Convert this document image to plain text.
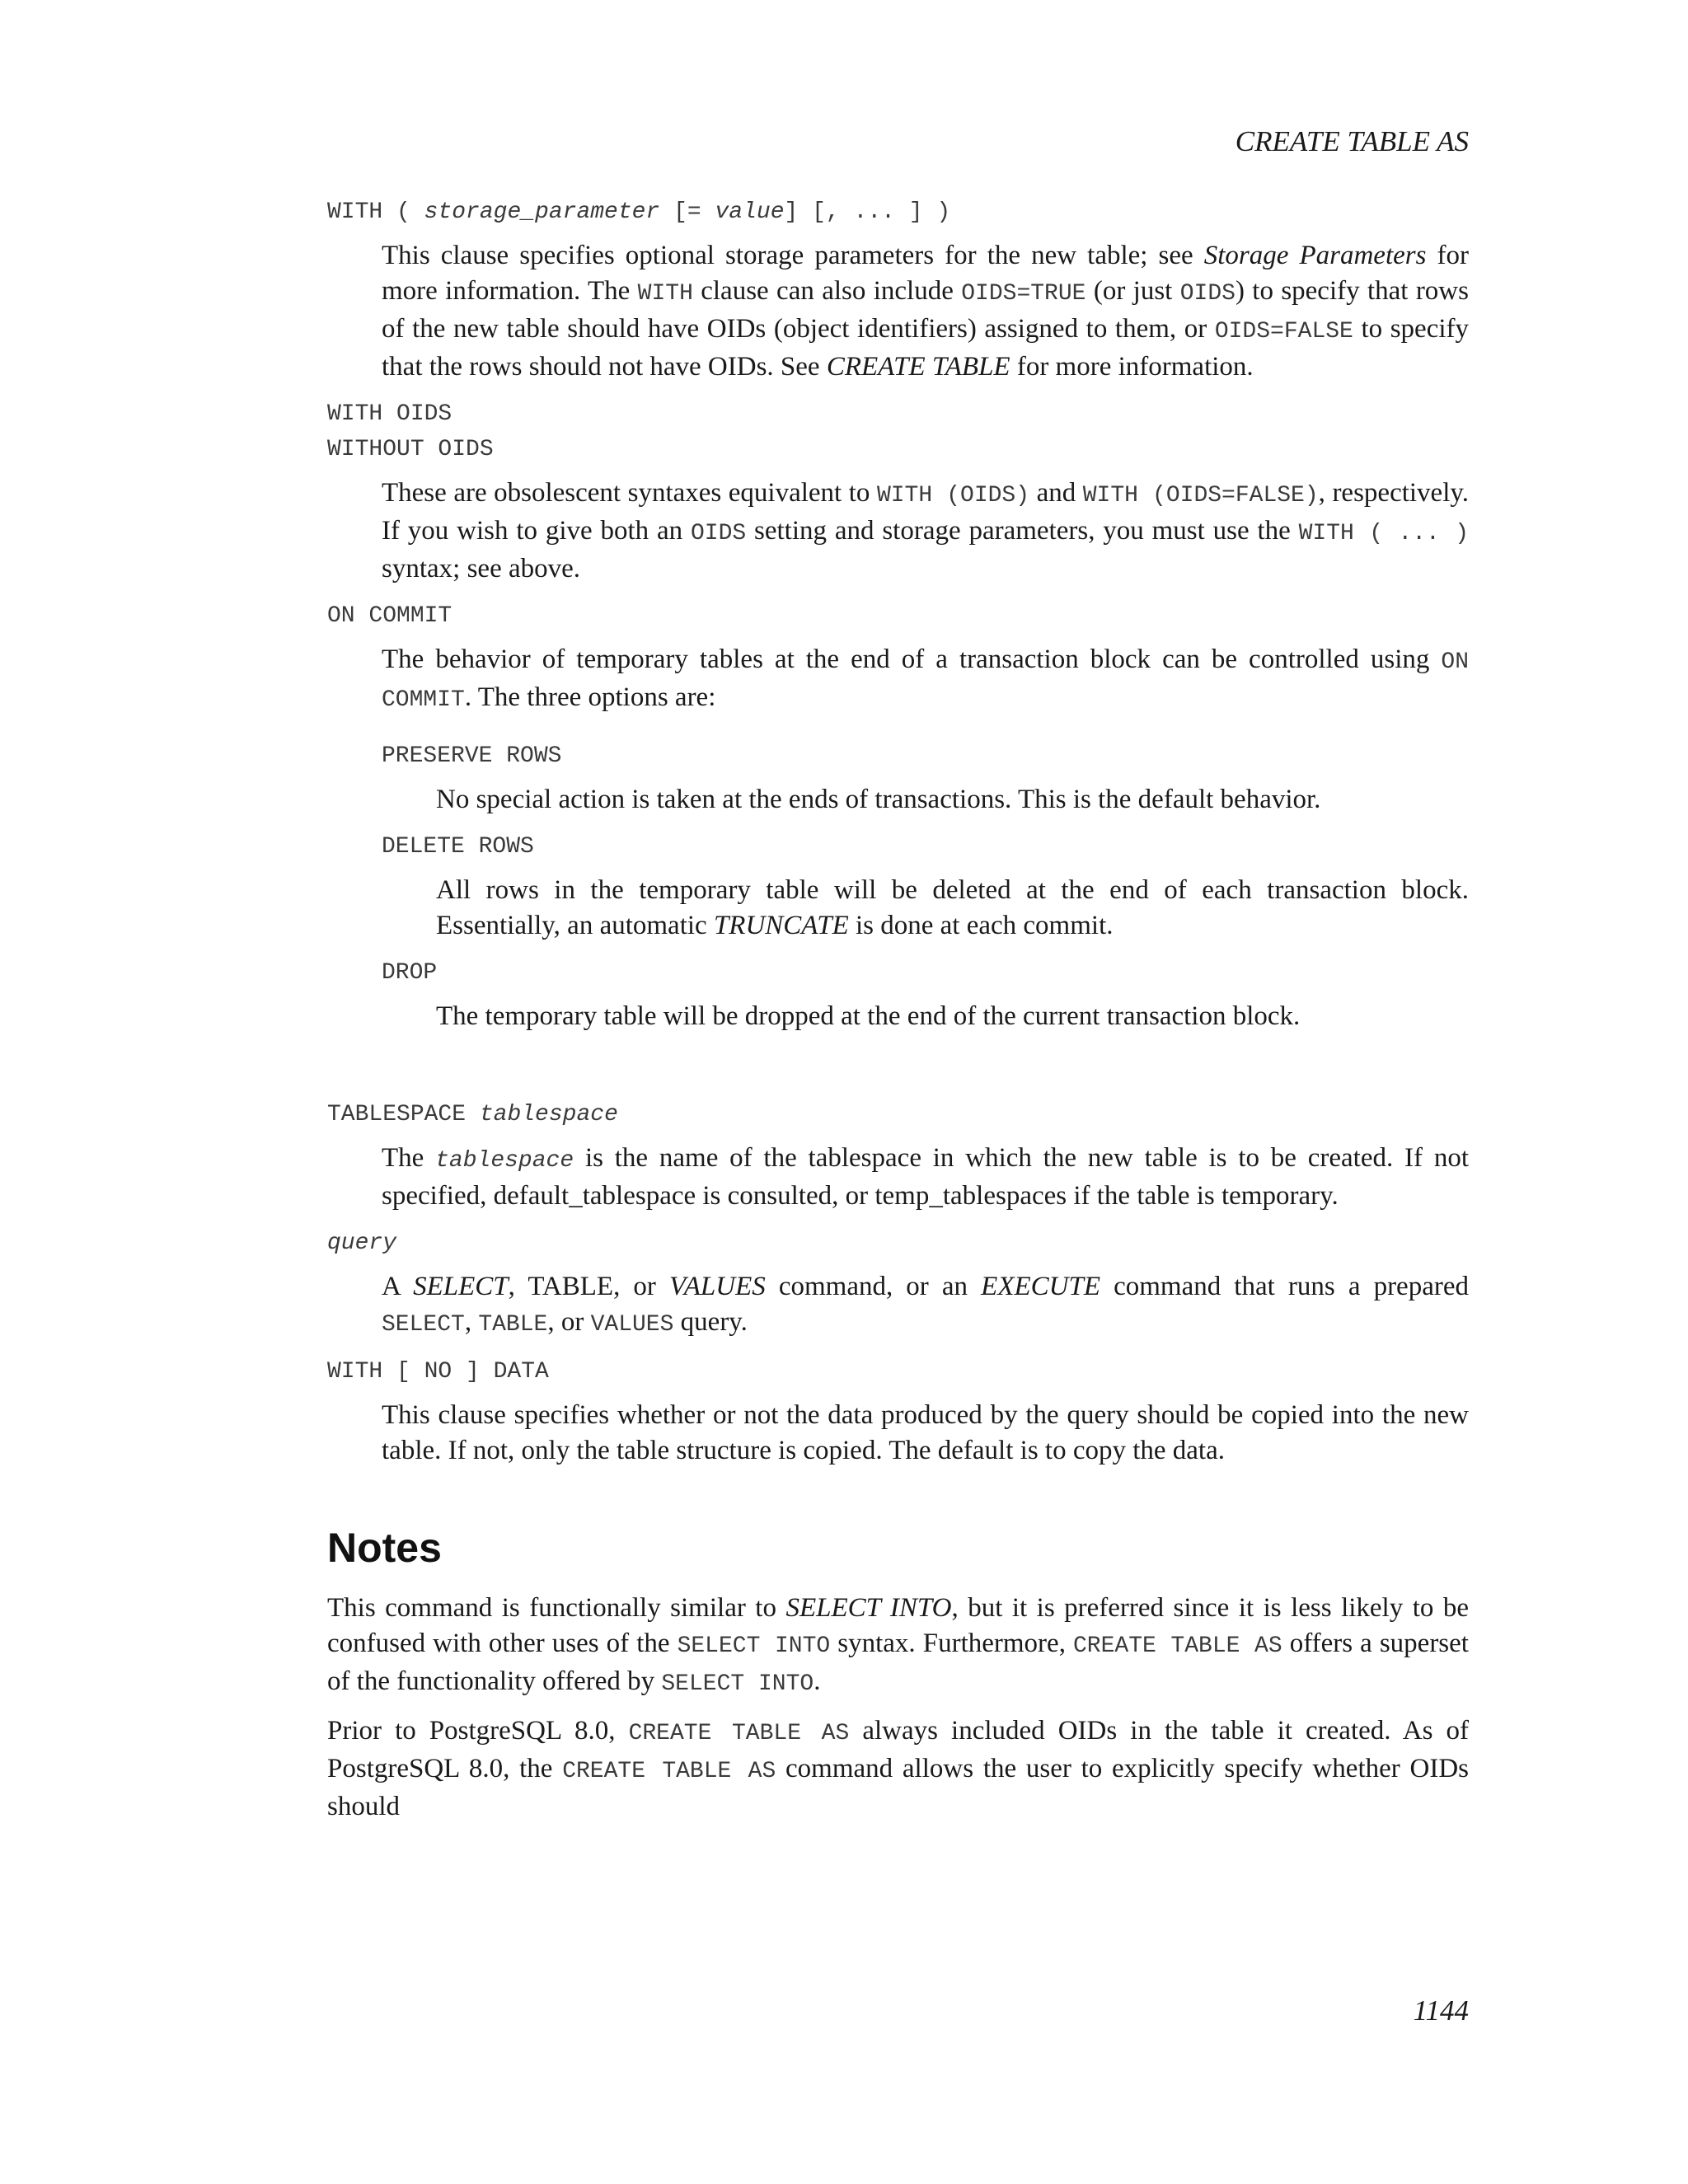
CREATE TABLE AS

WITH ( storage_parameter [= value] [, ... ] )

This clause specifies optional storage parameters for the new table; see Storage Parameters for more information. The WITH clause can also include OIDS=TRUE (or just OIDS) to specify that rows of the new table should have OIDs (object identifiers) assigned to them, or OIDS=FALSE to specify that the rows should not have OIDs. See CREATE TABLE for more information.

WITH OIDS

WITHOUT OIDS

These are obsolescent syntaxes equivalent to WITH (OIDS) and WITH (OIDS=FALSE), respectively. If you wish to give both an OIDS setting and storage parameters, you must use the WITH ( ... ) syntax; see above.

ON COMMIT

The behavior of temporary tables at the end of a transaction block can be controlled using ON COMMIT. The three options are:

PRESERVE ROWS

No special action is taken at the ends of transactions. This is the default behavior.

DELETE ROWS

All rows in the temporary table will be deleted at the end of each transaction block. Essentially, an automatic TRUNCATE is done at each commit.

DROP

The temporary table will be dropped at the end of the current transaction block.

TABLESPACE tablespace

The tablespace is the name of the tablespace in which the new table is to be created. If not specified, default_tablespace is consulted, or temp_tablespaces if the table is temporary.

query

A SELECT, TABLE, or VALUES command, or an EXECUTE command that runs a prepared SELECT, TABLE, or VALUES query.

WITH [ NO ] DATA

This clause specifies whether or not the data produced by the query should be copied into the new table. If not, only the table structure is copied. The default is to copy the data.

Notes

This command is functionally similar to SELECT INTO, but it is preferred since it is less likely to be confused with other uses of the SELECT INTO syntax. Furthermore, CREATE TABLE AS offers a superset of the functionality offered by SELECT INTO.

Prior to PostgreSQL 8.0, CREATE TABLE AS always included OIDs in the table it created. As of PostgreSQL 8.0, the CREATE TABLE AS command allows the user to explicitly specify whether OIDs should

1144
